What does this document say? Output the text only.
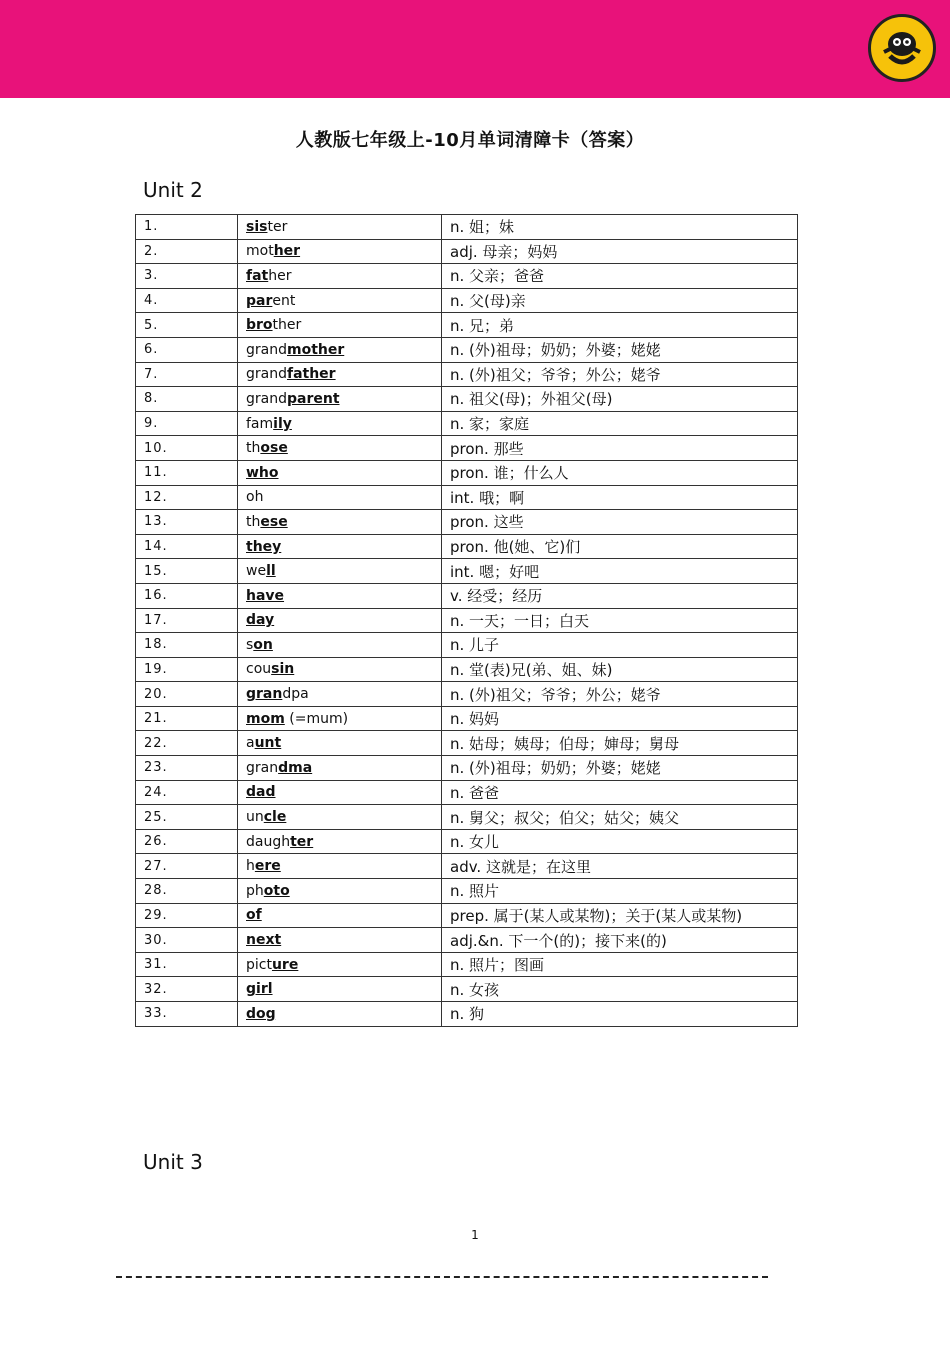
人教版七年级上-10月单词清障卡（答案）
Unit 2
1.	sister	n. 姐；妹
2.	mother	adj. 母亲；妈妈
3.	father	n. 父亲；爸爸
4.	parent	n. 父(母)亲
5.	brother	n. 兄；弟
6.	grandmother	n. (外)祖母；奶奶；外婆；姥姥
7.	grandfather	n. (外)祖父；爷爷；外公；姥爷
8.	grandparent	n. 祖父(母)；外祖父(母)
9.	family	n. 家；家庭
10.	those	pron. 那些
11.	who	pron. 谁；什么人
12.	oh	int. 哦；啊
13.	these	pron. 这些
14.	they	pron. 他(她、它)们
15.	well	int. 嗯；好吧
16.	have	v. 经受；经历
17.	day	n. 一天；一日；白天
18.	son	n. 儿子
19.	cousin	n. 堂(表)兄(弟、姐、妹)
20.	grandpa	n. (外)祖父；爷爷；外公；姥爷
21.	mom (=mum)	n. 妈妈
22.	aunt	n. 姑母；姨母；伯母；婶母；舅母
23.	grandma	n. (外)祖母；奶奶；外婆；姥姥
24.	dad	n. 爸爸
25.	uncle	n. 舅父；叔父；伯父；姑父；姨父
26.	daughter	n. 女儿
27.	here	adv. 这就是；在这里
28.	photo	n. 照片
29.	of	prep. 属于(某人或某物)；关于(某人或某物)
30.	next	adj.&n. 下一个(的)；接下来(的)
31.	picture	n. 照片；图画
32.	girl	n. 女孩
33.	dog	n. 狗
Unit 3
1
